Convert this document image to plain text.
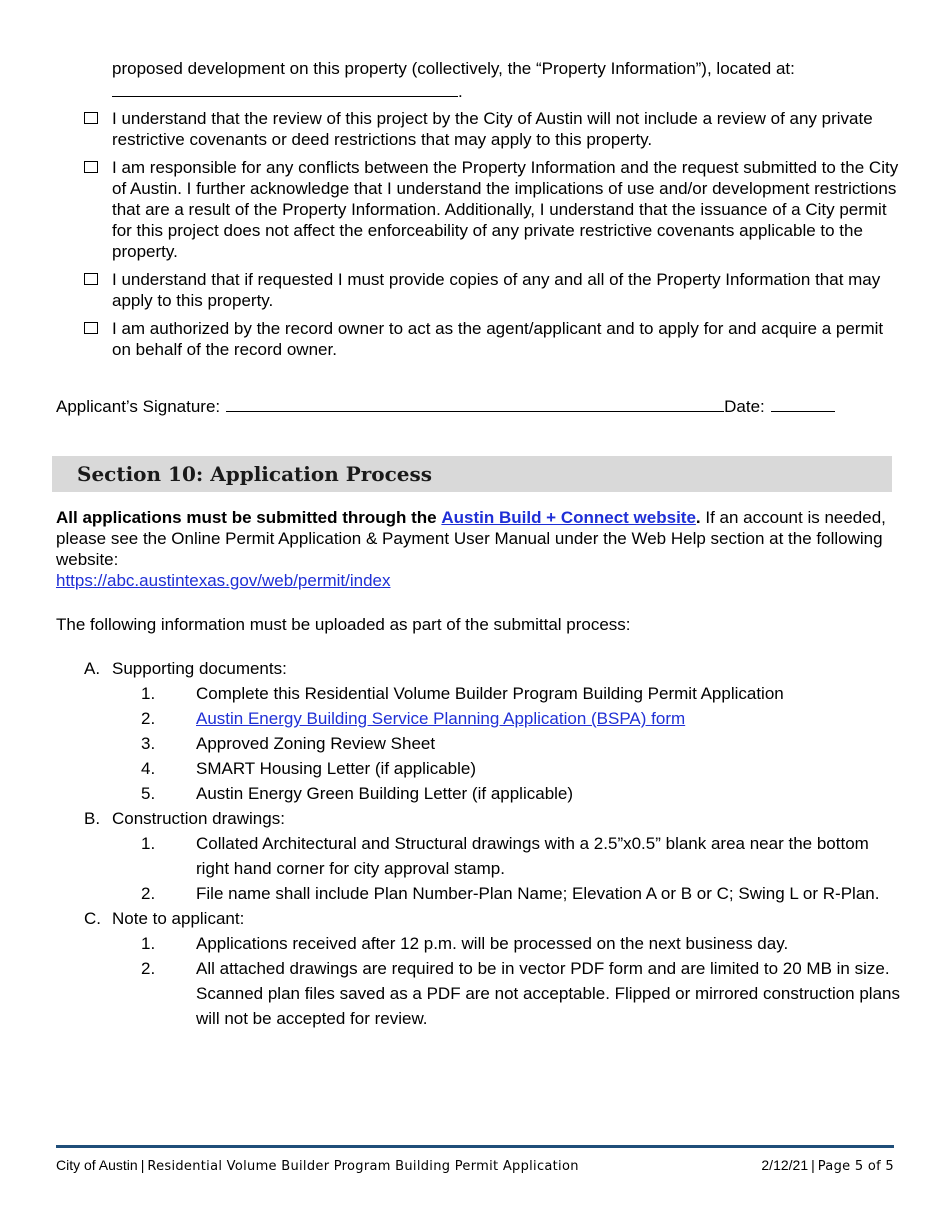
proposed development on this property (collectively, the “Property Information”), located at:
.
I understand that the review of this project by the City of Austin will not include a review of any private restrictive covenants or deed restrictions that may apply to this property.
I am responsible for any conflicts between the Property Information and the request submitted to the City of Austin. I further acknowledge that I understand the implications of use and/or development restrictions that are a result of the Property Information. Additionally, I understand that the issuance of a City permit for this project does not affect the enforceability of any private restrictive covenants applicable to the property.
I understand that if requested I must provide copies of any and all of the Property Information that may apply to this property.
I am authorized by the record owner to act as the agent/applicant and to apply for and acquire a permit on behalf of the record owner.
Applicant’s Signature:	Date:
Section 10: Application Process
All applications must be submitted through the Austin Build + Connect website. If an account is needed, please see the Online Permit Application & Payment User Manual under the Web Help section at the following website:
https://abc.austintexas.gov/web/permit/index
The following information must be uploaded as part of the submittal process:
A. Supporting documents:
1.	Complete this Residential Volume Builder Program Building Permit Application
2.	Austin Energy Building Service Planning Application (BSPA) form
3.	Approved Zoning Review Sheet
4.	SMART Housing Letter (if applicable)
5.	Austin Energy Green Building Letter (if applicable)
B. Construction drawings:
1.	Collated Architectural and Structural drawings with a 2.5”x0.5” blank area near the bottom right hand corner for city approval stamp.
2.	File name shall include Plan Number-Plan Name; Elevation A or B or C; Swing L or R-Plan.
C. Note to applicant:
1.	Applications received after 12 p.m. will be processed on the next business day.
2.	All attached drawings are required to be in vector PDF form and are limited to 20 MB in size. Scanned plan files saved as a PDF are not acceptable. Flipped or mirrored construction plans will not be accepted for review.
City of Austin | Residential Volume Builder Program Building Permit Application	2/12/21 | Page 5 of 5
